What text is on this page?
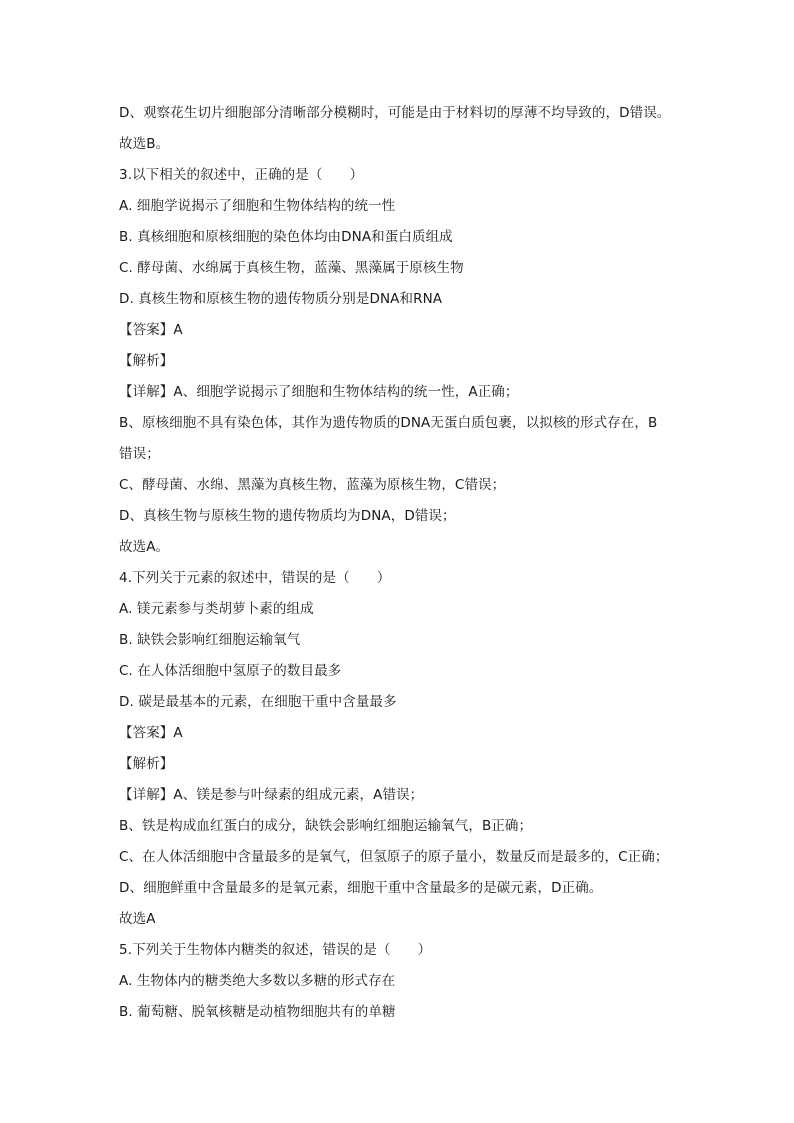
D、观察花生切片细胞部分清晰部分模糊时，可能是由于材料切的厚薄不均导致的，D错误。
故选B。
3.以下相关的叙述中，正确的是（　　）
A. 细胞学说揭示了细胞和生物体结构的统一性
B. 真核细胞和原核细胞的染色体均由DNA和蛋白质组成
C. 酵母菌、水绵属于真核生物，蓝藻、黑藻属于原核生物
D. 真核生物和原核生物的遗传物质分别是DNA和RNA
【答案】A
【解析】
【详解】A、细胞学说揭示了细胞和生物体结构的统一性，A正确；
B、原核细胞不具有染色体，其作为遗传物质的DNA无蛋白质包裹，以拟核的形式存在，B
错误；
C、酵母菌、水绵、黑藻为真核生物，蓝藻为原核生物，C错误；
D、真核生物与原核生物的遗传物质均为DNA，D错误；
故选A。
4.下列关于元素的叙述中，错误的是（　　）
A. 镁元素参与类胡萝卜素的组成
B. 缺铁会影响红细胞运输氧气
C. 在人体活细胞中氢原子的数目最多
D. 碳是最基本的元素，在细胞干重中含量最多
【答案】A
【解析】
【详解】A、镁是参与叶绿素的组成元素，A错误；
B、铁是构成血红蛋白的成分，缺铁会影响红细胞运输氧气，B正确；
C、在人体活细胞中含量最多的是氧气，但氢原子的原子量小，数量反而是最多的，C正确；
D、细胞鲜重中含量最多的是氧元素，细胞干重中含量最多的是碳元素，D正确。
故选A
5.下列关于生物体内糖类的叙述，错误的是（　　）
A. 生物体内的糖类绝大多数以多糖的形式存在
B. 葡萄糖、脱氧核糖是动植物细胞共有的单糖
